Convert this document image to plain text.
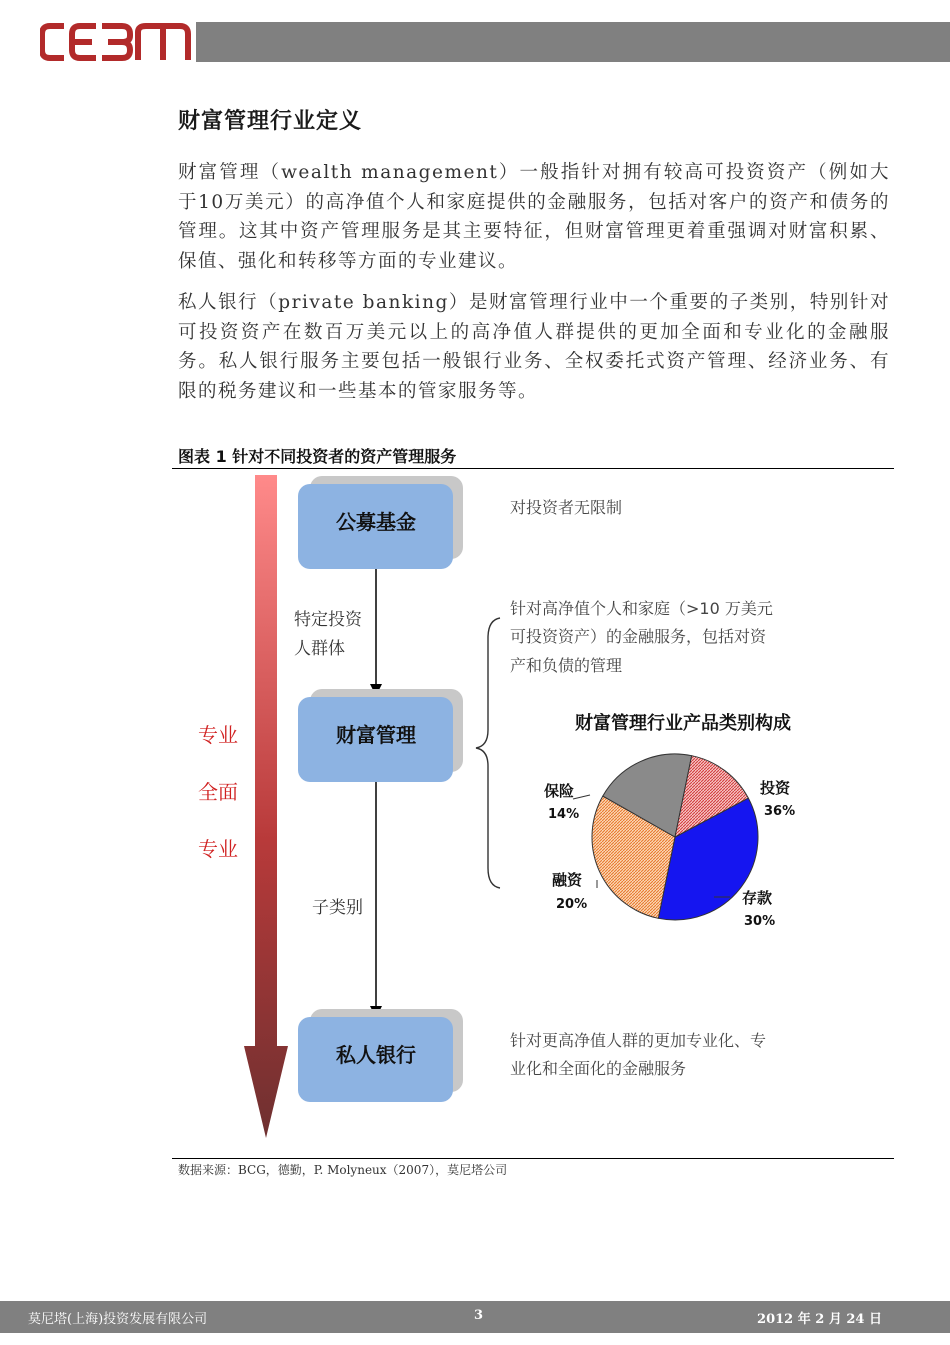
财富管理行业定义
财富管理（wealth management）一般指针对拥有较高可投资资产（例如大于10万美元）的高净值个人和家庭提供的金融服务，包括对客户的资产和债务的管理。这其中资产管理服务是其主要特征，但财富管理更着重强调对财富积累、保值、强化和转移等方面的专业建议。
私人银行（private banking）是财富管理行业中一个重要的子类别，特别针对可投资资产在数百万美元以上的高净值人群提供的更加全面和专业化的金融服务。私人银行服务主要包括一般银行业务、全权委托式资产管理、经济业务、有限的税务建议和一些基本的管家服务等。
图表 1 针对不同投资者的资产管理服务
专业
全面
专业
公募基金
财富管理
私人银行
特定投资
人群体
子类别
对投资者无限制
针对高净值个人和家庭（>10 万美元
可投资资产）的金融服务，包括对资
产和负债的管理
针对更高净值人群的更加专业化、专
业化和全面化的金融服务
财富管理行业产品类别构成
投资
36%
存款
30%
融资
20%
保险
14%
数据来源：BCG，德勤，P. Molyneux（2007），莫尼塔公司
莫尼塔(上海)投资发展有限公司	3	2012 年 2 月 24 日
